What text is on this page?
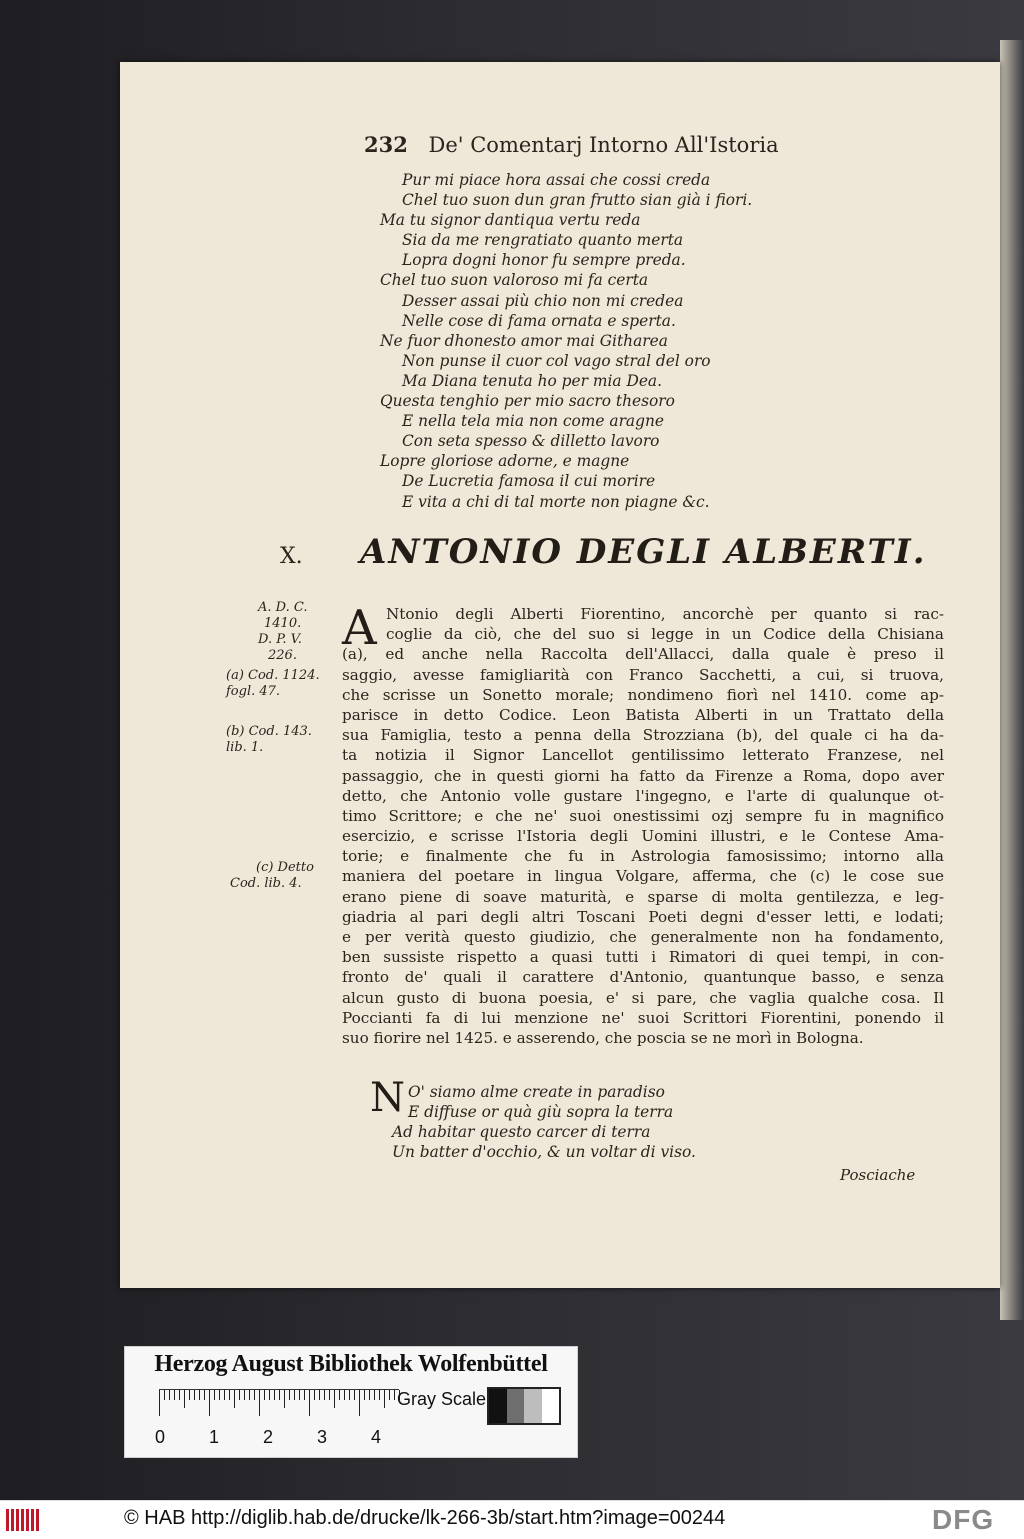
232 De' Comentarj Intorno All'Istoria
Pur mi piace hora assai che cossi creda
Chel tuo suon dun gran frutto sian già i fiori.
Ma tu signor dantiqua vertu reda
Sia da me rengratiato quanto merta
Lopra dogni honor fu sempre preda.
Chel tuo suon valoroso mi fa certa
Desser assai più chio non mi credea
Nelle cose di fama ornata e sperta.
Ne fuor dhonesto amor mai Githarea
Non punse il cuor col vago stral del oro
Ma Diana tenuta ho per mia Dea.
Questa tenghio per mio sacro thesoro
E nella tela mia non come aragne
Con seta spesso & dilletto lavoro
Lopre gloriose adorne, e magne
De Lucretia famosa il cui morire
E vita a chi di tal morte non piagne &c.
X. ANTONIO DEGLI ALBERTI.
A. D. C.
1410.
D. P. V.
226.
(a) Cod. 1124.
fogl. 47.
(b) Cod. 143.
lib. 1.
(c) Detto
Cod. lib. 4.
A Ntonio degli Alberti Fiorentino, ancorchè per quanto si rac-
coglie da ciò, che del suo si legge in un Codice della Chisiana
(a), ed anche nella Raccolta dell'Allacci, dalla quale è preso il
saggio, avesse famigliarità con Franco Sacchetti, a cui, si truova,
che scrisse un Sonetto morale; nondimeno fiorì nel 1410. come ap-
parisce in detto Codice. Leon Batista Alberti in un Trattato della
sua Famiglia, testo a penna della Strozziana (b), del quale ci ha da-
ta notizia il Signor Lancellot gentilissimo letterato Franzese, nel
passaggio, che in questi giorni ha fatto da Firenze a Roma, dopo aver
detto, che Antonio volle gustare l'ingegno, e l'arte di qualunque ot-
timo Scrittore; e che ne' suoi onestissimi ozj sempre fu in magnifico
esercizio, e scrisse l'Istoria degli Uomini illustri, e le Contese Ama-
torie; e finalmente che fu in Astrologia famosissimo; intorno alla
maniera del poetare in lingua Volgare, afferma, che (c) le cose sue
erano piene di soave maturità, e sparse di molta gentilezza, e leg-
giadria al pari degli altri Toscani Poeti degni d'esser letti, e lodati;
e per verità questo giudizio, che generalmente non ha fondamento,
ben sussiste rispetto a quasi tutti i Rimatori di quei tempi, in con-
fronto de' quali il carattere d'Antonio, quantunque basso, e senza
alcun gusto di buona poesia, e' si pare, che vaglia qualche cosa. Il
Poccianti fa di lui menzione ne' suoi Scrittori Fiorentini, ponendo il
suo fiorire nel 1425. e asserendo, che poscia se ne morì in Bologna.
N O' siamo alme create in paradiso
E diffuse or quà giù sopra la terra
Ad habitar questo carcer di terra
Un batter d'occhio, & un voltar di viso.
Posciache
Herzog August Bibliothek Wolfenbüttel
0 1 2 3 4
Gray Scale
© HAB http://diglib.hab.de/drucke/lk-266-3b/start.htm?image=00244	DFG
